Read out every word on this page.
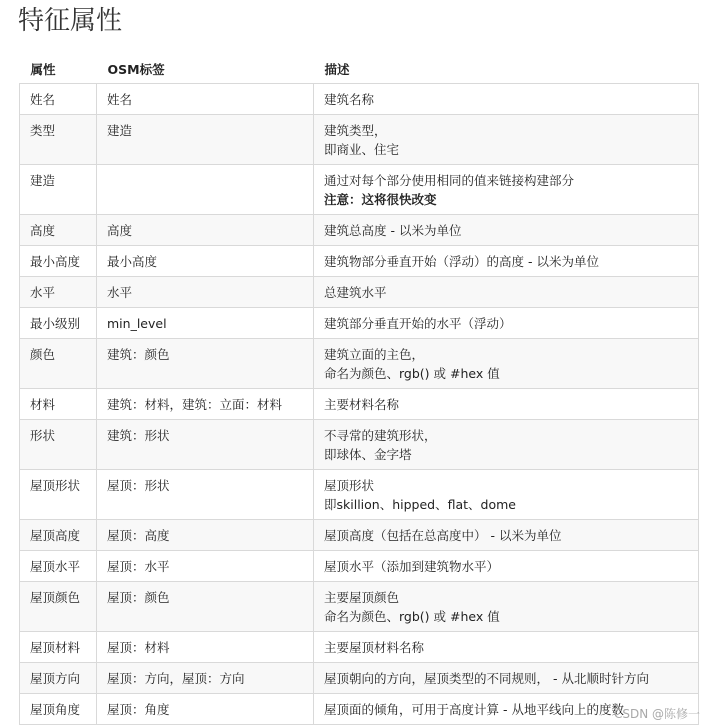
特征属性
属性	OSM标签	描述
姓名	姓名	建筑名称

类型	建造	建筑类型，
即商业、住宅

建造		通过对每个部分使用相同的值来链接构建部分
注意：这将很快改变

高度	高度	建筑总高度 - 以米为单位

最小高度	最小高度	建筑物部分垂直开始（浮动）的高度 - 以米为单位

水平	水平	总建筑水平

最小级别	min_level	建筑部分垂直开始的水平（浮动）

颜色	建筑：颜色	建筑立面的主色，
命名为颜色、rgb() 或 #hex 值

材料	建筑：材料，建筑：立面：材料	主要材料名称

形状	建筑：形状	不寻常的建筑形状，
即球体、金字塔

屋顶形状	屋顶：形状	屋顶形状
即skillion、hipped、flat、dome

屋顶高度	屋顶：高度	屋顶高度（包括在总高度中） - 以米为单位

屋顶水平	屋顶：水平	屋顶水平（添加到建筑物水平）

屋顶颜色	屋顶：颜色	主要屋顶颜色
命名为颜色、rgb() 或 #hex 值

屋顶材料	屋顶：材料	主要屋顶材料名称

屋顶方向	屋顶：方向，屋顶：方向	屋顶朝向的方向，屋顶类型的不同规则， - 从北顺时针方向

屋顶角度	屋顶：角度	屋顶面的倾角，可用于高度计算 - 从地平线向上的度数
CSDN @陈修一
